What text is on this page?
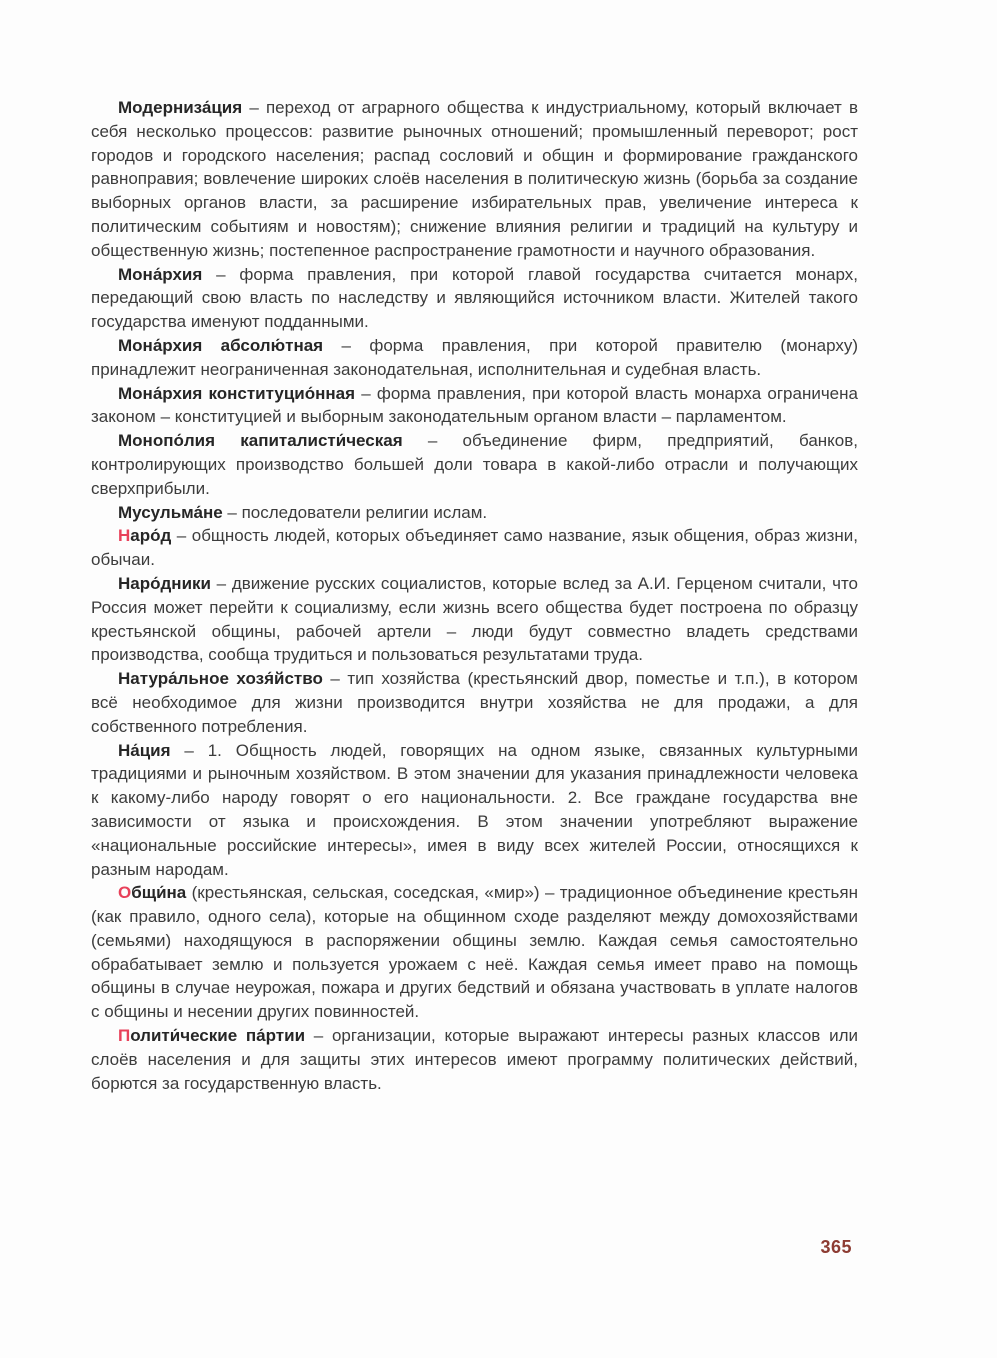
Модерниза́ция – переход от аграрного общества к индустриальному, который включает в себя несколько процессов: развитие рыночных отношений; промышленный переворот; рост городов и городского населения; распад сословий и общин и формирование гражданского равноправия; вовлечение широких слоёв населения в политическую жизнь (борьба за создание выборных органов власти, за расширение избирательных прав, увеличение интереса к политическим событиям и новостям); снижение влияния религии и традиций на культуру и общественную жизнь; постепенное распространение грамотности и научного образования.

Мона́рхия – форма правления, при которой главой государства считается монарх, передающий свою власть по наследству и являющийся источником власти. Жителей такого государства именуют подданными.

Мона́рхия абсолю́тная – форма правления, при которой правителю (монарху) принадлежит неограниченная законодательная, исполнительная и судебная власть.

Мона́рхия конституцио́нная – форма правления, при которой власть монарха ограничена законом – конституцией и выборным законодательным органом власти – парламентом.

Монопо́лия капиталисти́ческая – объединение фирм, предприятий, банков, контролирующих производство большей доли товара в какой-либо отрасли и получающих сверхприбыли.

Мусульма́не – последователи религии ислам.

Наро́д – общность людей, которых объединяет само название, язык общения, образ жизни, обычаи.

Наро́дники – движение русских социалистов, которые вслед за А.И. Герценом считали, что Россия может перейти к социализму, если жизнь всего общества будет построена по образцу крестьянской общины, рабочей артели – люди будут совместно владеть средствами производства, сообща трудиться и пользоваться результатами труда.

Натура́льное хозя́йство – тип хозяйства (крестьянский двор, поместье и т.п.), в котором всё необходимое для жизни производится внутри хозяйства не для продажи, а для собственного потребления.

На́ция – 1. Общность людей, говорящих на одном языке, связанных культурными традициями и рыночным хозяйством. В этом значении для указания принадлежности человека к какому-либо народу говорят о его национальности. 2. Все граждане государства вне зависимости от языка и происхождения. В этом значении употребляют выражение «национальные российские интересы», имея в виду всех жителей России, относящихся к разным народам.

Общи́на (крестьянская, сельская, соседская, «мир») – традиционное объединение крестьян (как правило, одного села), которые на общинном сходе разделяют между домохозяйствами (семьями) находящуюся в распоряжении общины землю. Каждая семья самостоятельно обрабатывает землю и пользуется урожаем с неё. Каждая семья имеет право на помощь общины в случае неурожая, пожара и других бедствий и обязана участвовать в уплате налогов с общины и несении других повинностей.

Полити́ческие па́ртии – организации, которые выражают интересы разных классов или слоёв населения и для защиты этих интересов имеют программу политических действий, борются за государственную власть.

365
